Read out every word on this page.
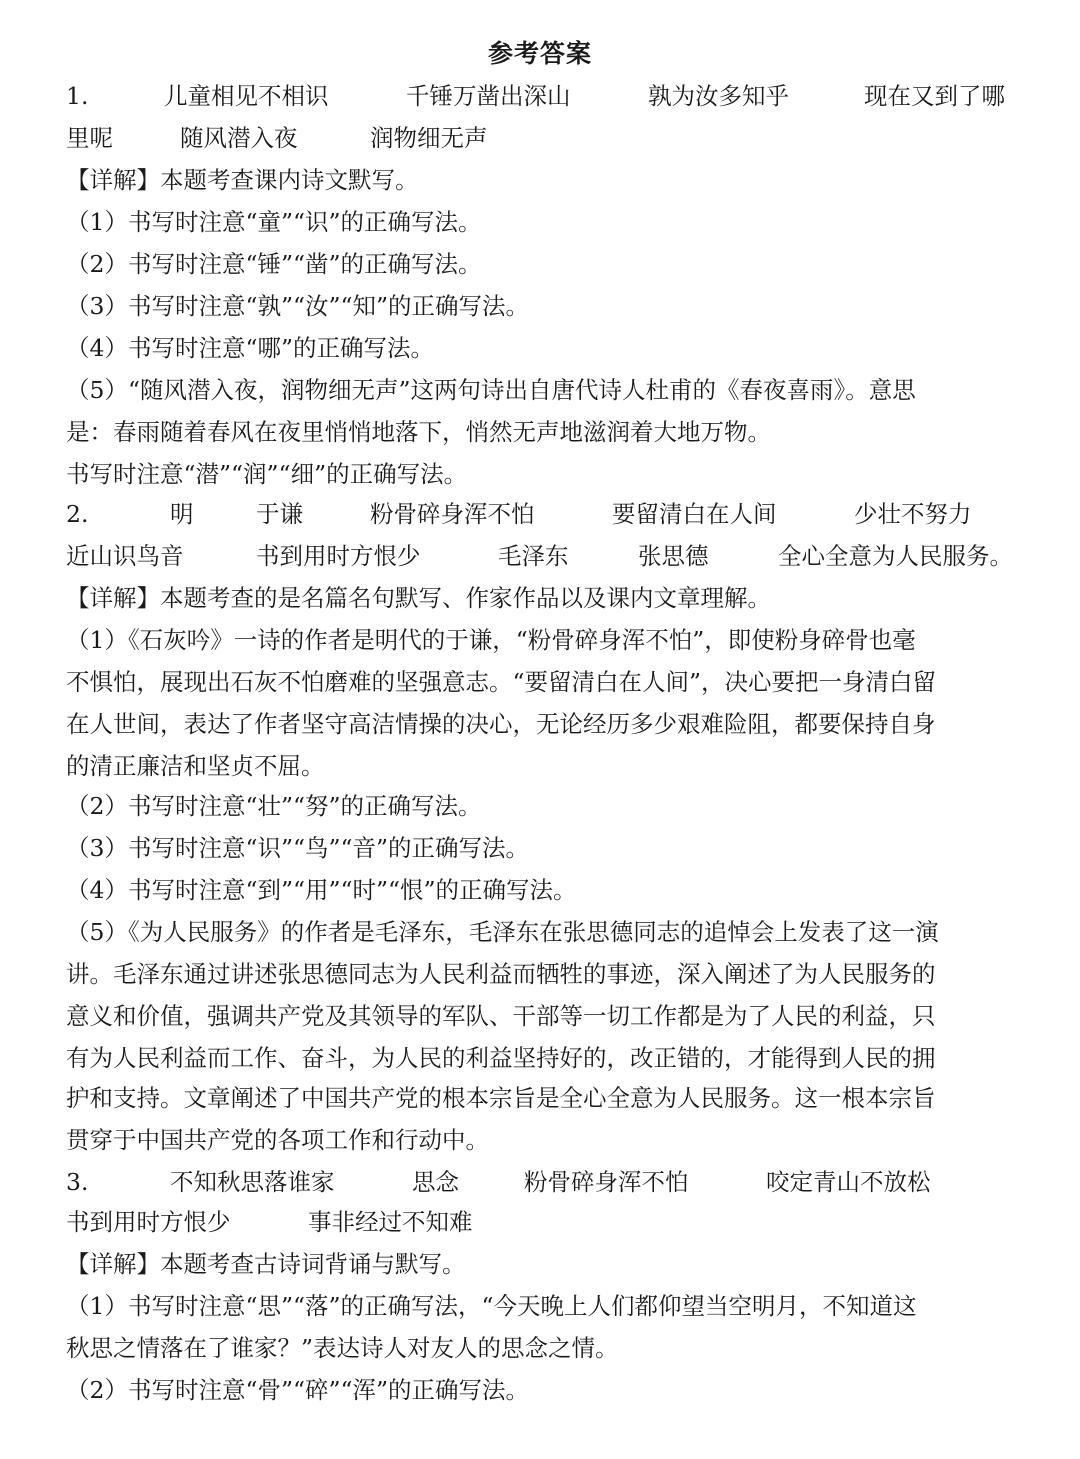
参考答案
1.	儿童相见不相识	千锤万凿出深山	孰为汝多知乎	现在又到了哪
里呢	随风潜入夜	润物细无声
【详解】本题考查课内诗文默写。
（1）书写时注意“童”“识”的正确写法。
（2）书写时注意“锤”“凿”的正确写法。
（3）书写时注意“孰”“汝”“知”的正确写法。
（4）书写时注意“哪”的正确写法。
（5）“随风潜入夜，润物细无声”这两句诗出自唐代诗人杜甫的《春夜喜雨》。意思
是：春雨随着春风在夜里悄悄地落下，悄然无声地滋润着大地万物。
书写时注意“潜”“润”“细”的正确写法。
2.	明	于谦	粉骨碎身浑不怕	要留清白在人间	少壮不努力
近山识鸟音	书到用时方恨少	毛泽东	张思德	全心全意为人民服务。
【详解】本题考查的是名篇名句默写、作家作品以及课内文章理解。
（1）《石灰吟》一诗的作者是明代的于谦，“粉骨碎身浑不怕”，即使粉身碎骨也毫
不惧怕，展现出石灰不怕磨难的坚强意志。“要留清白在人间”，决心要把一身清白留
在人世间，表达了作者坚守高洁情操的决心，无论经历多少艰难险阻，都要保持自身
的清正廉洁和坚贞不屈。
（2）书写时注意“壮”“努”的正确写法。
（3）书写时注意“识”“鸟”“音”的正确写法。
（4）书写时注意“到”“用”“时”“恨”的正确写法。
（5）《为人民服务》的作者是毛泽东，毛泽东在张思德同志的追悼会上发表了这一演
讲。毛泽东通过讲述张思德同志为人民利益而牺牲的事迹，深入阐述了为人民服务的
意义和价值，强调共产党及其领导的军队、干部等一切工作都是为了人民的利益，只
有为人民利益而工作、奋斗，为人民的利益坚持好的，改正错的，才能得到人民的拥
护和支持。文章阐述了中国共产党的根本宗旨是全心全意为人民服务。这一根本宗旨
贯穿于中国共产党的各项工作和行动中。
3.	不知秋思落谁家	思念	粉骨碎身浑不怕	咬定青山不放松
书到用时方恨少	事非经过不知难
【详解】本题考查古诗词背诵与默写。
（1）书写时注意“思”“落”的正确写法，“今天晚上人们都仰望当空明月，不知道这
秋思之情落在了谁家？”表达诗人对友人的思念之情。
（2）书写时注意“骨”“碎”“浑”的正确写法。
